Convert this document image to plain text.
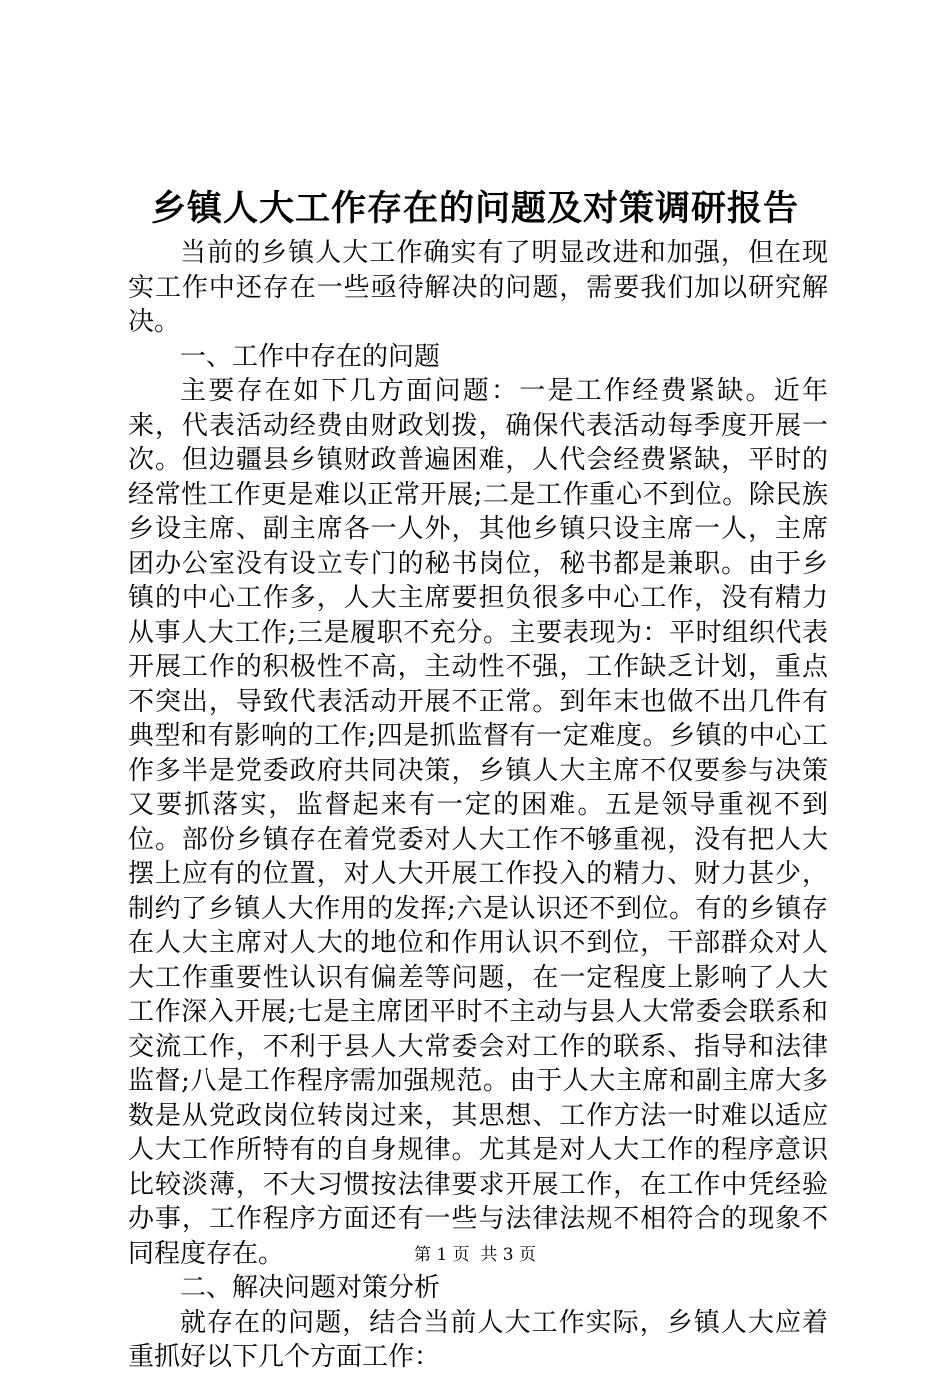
乡镇人大工作存在的问题及对策调研报告

当前的乡镇人大工作确实有了明显改进和加强，但在现实工作中还存在一些亟待解决的问题，需要我们加以研究解决。

一、工作中存在的问题

主要存在如下几方面问题：一是工作经费紧缺。近年来，代表活动经费由财政划拨，确保代表活动每季度开展一次。但边疆县乡镇财政普遍困难，人代会经费紧缺，平时的经常性工作更是难以正常开展;二是工作重心不到位。除民族乡设主席、副主席各一人外，其他乡镇只设主席一人，主席团办公室没有设立专门的秘书岗位，秘书都是兼职。由于乡镇的中心工作多，人大主席要担负很多中心工作，没有精力从事人大工作;三是履职不充分。主要表现为：平时组织代表开展工作的积极性不高，主动性不强，工作缺乏计划，重点不突出，导致代表活动开展不正常。到年末也做不出几件有典型和有影响的工作;四是抓监督有一定难度。乡镇的中心工作多半是党委政府共同决策，乡镇人大主席不仅要参与决策又要抓落实，监督起来有一定的困难。五是领导重视不到位。部份乡镇存在着党委对人大工作不够重视，没有把人大摆上应有的位置，对人大开展工作投入的精力、财力甚少，制约了乡镇人大作用的发挥;六是认识还不到位。有的乡镇存在人大主席对人大的地位和作用认识不到位，干部群众对人大工作重要性认识有偏差等问题，在一定程度上影响了人大工作深入开展;七是主席团平时不主动与县人大常委会联系和交流工作，不利于县人大常委会对工作的联系、指导和法律监督;八是工作程序需加强规范。由于人大主席和副主席大多数是从党政岗位转岗过来，其思想、工作方法一时难以适应人大工作所特有的自身规律。尤其是对人大工作的程序意识比较淡薄，不大习惯按法律要求开展工作，在工作中凭经验办事，工作程序方面还有一些与法律法规不相符合的现象不同程度存在。

二、解决问题对策分析

就存在的问题，结合当前人大工作实际，乡镇人大应着重抓好以下几个方面工作：

第 1 页  共 3 页
